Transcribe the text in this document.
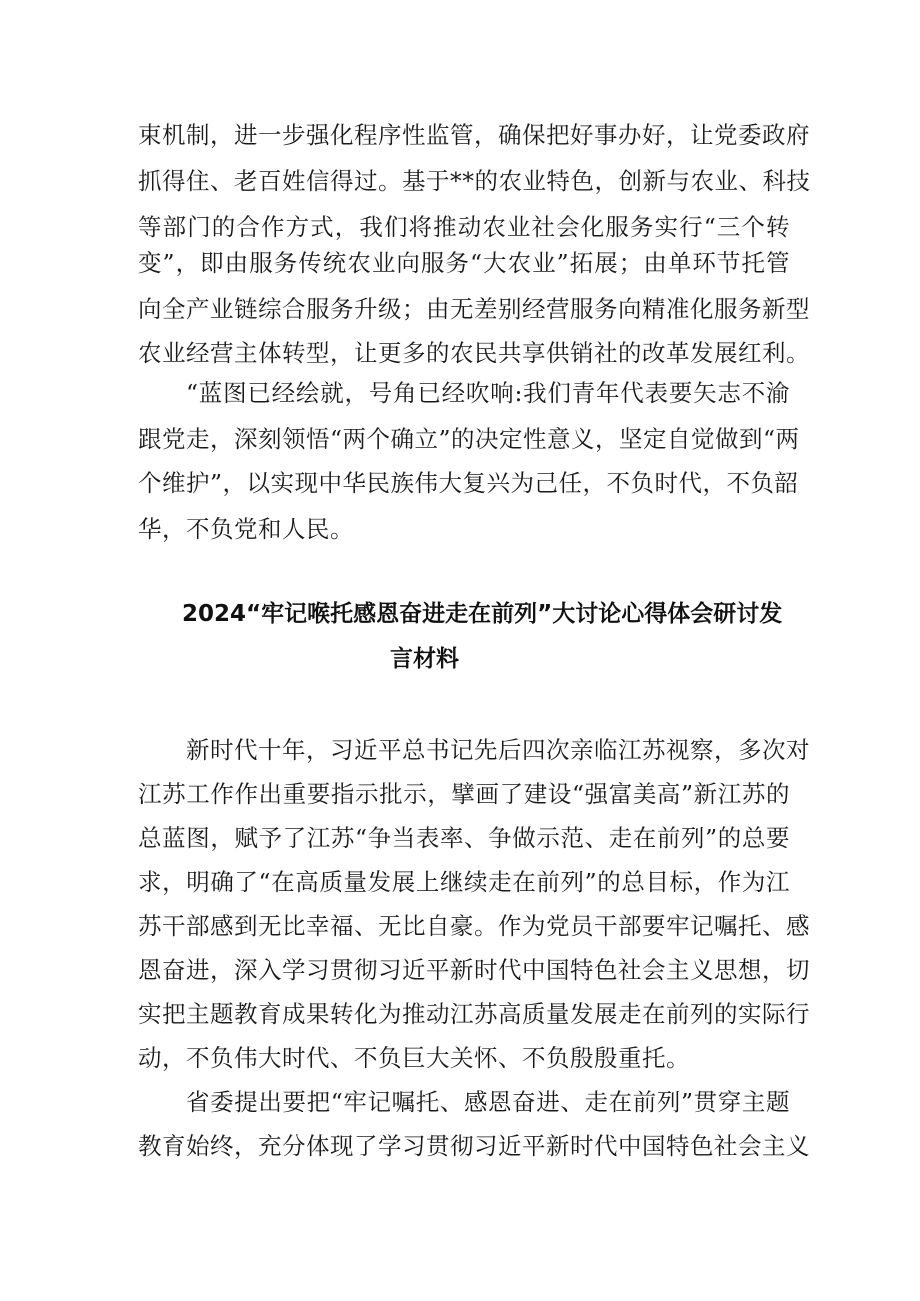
束机制，进一步强化程序性监管，确保把好事办好，让党委政府
抓得住、老百姓信得过。基于**的农业特色，创新与农业、科技
等部门的合作方式，我们将推动农业社会化服务实行“三个转
变”，即由服务传统农业向服务“大农业”拓展；由单环节托管
向全产业链综合服务升级；由无差别经营服务向精准化服务新型
农业经营主体转型，让更多的农民共享供销社的改革发展红利。
“蓝图已经绘就，号角已经吹响:我们青年代表要矢志不渝
跟党走，深刻领悟“两个确立”的决定性意义，坚定自觉做到“两
个维护”，以实现中华民族伟大复兴为己任，不负时代，不负韶
华，不负党和人民。
2024“牢记喉托感恩奋进走在前列”大讨论心得体会研讨发
言材料
新时代十年，习近平总书记先后四次亲临江苏视察，多次对
江苏工作作出重要指示批示，擘画了建设“强富美高”新江苏的
总蓝图，赋予了江苏“争当表率、争做示范、走在前列”的总要
求，明确了“在高质量发展上继续走在前列”的总目标，作为江
苏干部感到无比幸福、无比自豪。作为党员干部要牢记嘱托、感
恩奋进，深入学习贯彻习近平新时代中国特色社会主义思想，切
实把主题教育成果转化为推动江苏高质量发展走在前列的实际行
动，不负伟大时代、不负巨大关怀、不负殷殷重托。
省委提出要把“牢记嘱托、感恩奋进、走在前列”贯穿主题
教育始终，充分体现了学习贯彻习近平新时代中国特色社会主义
